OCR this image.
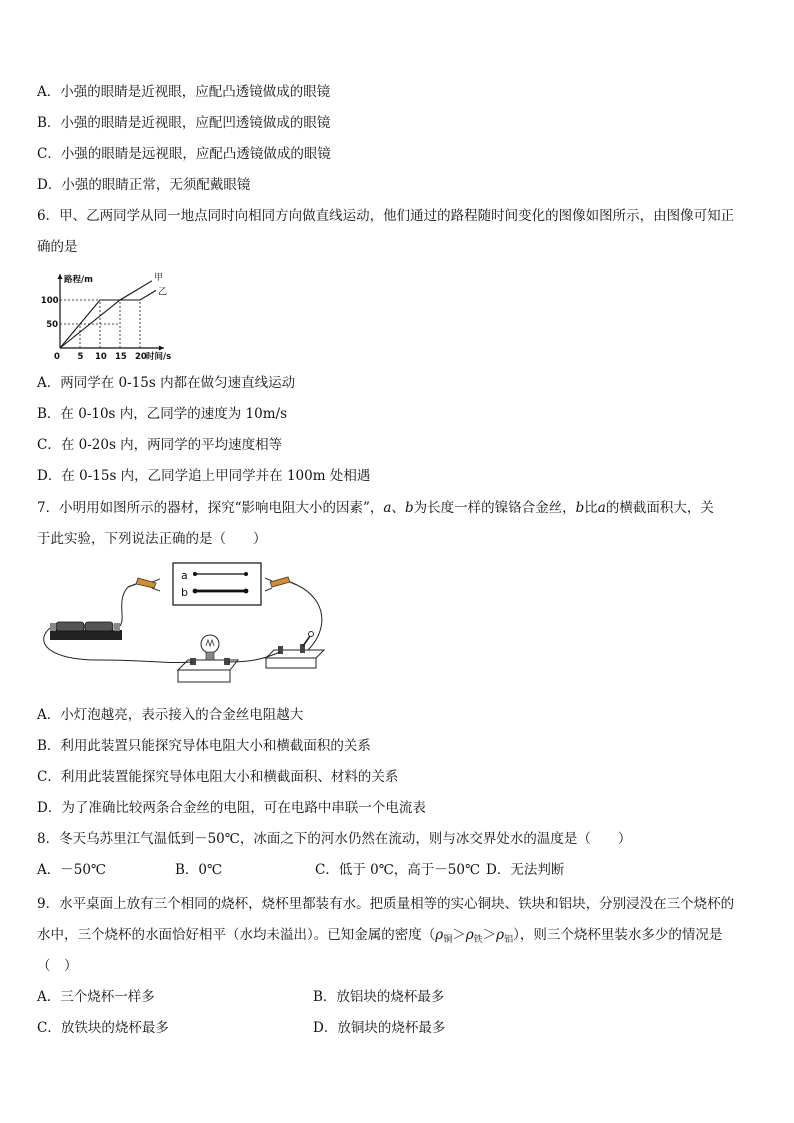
A．小强的眼睛是近视眼，应配凸透镜做成的眼镜
B．小强的眼睛是近视眼，应配凹透镜做成的眼镜
C．小强的眼睛是远视眼，应配凸透镜做成的眼镜
D．小强的眼睛正常，无须配戴眼镜
6．甲、乙两同学从同一地点同时向相同方向做直线运动，他们通过的路程随时间变化的图像如图所示，由图像可知正
确的是
路程/m
时间/s
0 5 10 15 20
50
100
甲
乙
A．两同学在 0-15s 内都在做匀速直线运动
B．在 0-10s 内，乙同学的速度为 10m/s
C．在 0-20s 内，两同学的平均速度相等
D．在 0-15s 内，乙同学追上甲同学并在 100m 处相遇
7．小明用如图所示的器材，探究“影响电阻大小的因素”，a、b为长度一样的镍铬合金丝，b比a的横截面积大，关
于此实验，下列说法正确的是（　　）
a
b
A．小灯泡越亮，表示接入的合金丝电阻越大
B．利用此装置只能探究导体电阻大小和横截面积的关系
C．利用此装置能探究导体电阻大小和横截面积、材料的关系
D．为了准确比较两条合金丝的电阻，可在电路中串联一个电流表
8．冬天乌苏里江气温低到－50℃，冰面之下的河水仍然在流动，则与冰交界处水的温度是（　　）
A．－50℃	B．0℃	C．低于 0℃，高于－50℃ D．无法判断
9．水平桌面上放有三个相同的烧杯，烧杯里都装有水。把质量相等的实心铜块、铁块和铝块，分别浸没在三个烧杯的
水中，三个烧杯的水面恰好相平（水均未溢出）。已知金属的密度$(\rho_铜>\rho_铁>\rho_铝)$，则三个烧杯里装水多少的情况是
（　）
A．三个烧杯一样多	B．放铝块的烧杯最多
C．放铁块的烧杯最多	D．放铜块的烧杯最多
